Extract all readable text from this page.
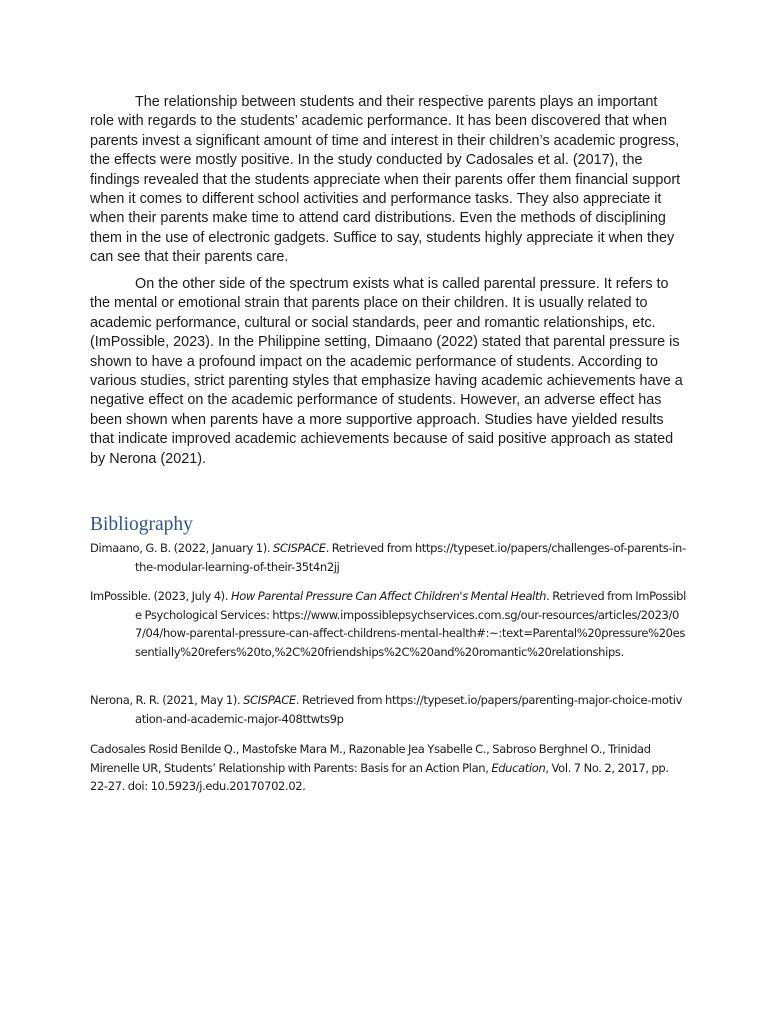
The relationship between students and their respective parents plays an important role with regards to the students’ academic performance. It has been discovered that when parents invest a significant amount of time and interest in their children’s academic progress, the effects were mostly positive. In the study conducted by Cadosales et al. (2017), the findings revealed that the students appreciate when their parents offer them financial support when it comes to different school activities and performance tasks. They also appreciate it when their parents make time to attend card distributions. Even the methods of disciplining them in the use of electronic gadgets. Suffice to say, students highly appreciate it when they can see that their parents care.

On the other side of the spectrum exists what is called parental pressure. It refers to the mental or emotional strain that parents place on their children. It is usually related to academic performance, cultural or social standards, peer and romantic relationships, etc. (ImPossible, 2023). In the Philippine setting, Dimaano (2022) stated that parental pressure is shown to have a profound impact on the academic performance of students. According to various studies, strict parenting styles that emphasize having academic achievements have a negative effect on the academic performance of students. However, an adverse effect has been shown when parents have a more supportive approach. Studies have yielded results that indicate improved academic achievements because of said positive approach as stated by Nerona (2021).

Bibliography

Dimaano, G. B. (2022, January 1). SCISPACE. Retrieved from https://typeset.io/papers/challenges-of-parents-in-the-modular-learning-of-their-35t4n2jj

ImPossible. (2023, July 4). How Parental Pressure Can Affect Children's Mental Health. Retrieved from ImPossible Psychological Services: https://www.impossiblepsychservices.com.sg/our-resources/articles/2023/07/04/how-parental-pressure-can-affect-childrens-mental-health#:~:text=Parental%20pressure%20essentially%20refers%20to,%2C%20friendships%2C%20and%20romantic%20relationships.

Nerona, R. R. (2021, May 1). SCISPACE. Retrieved from https://typeset.io/papers/parenting-major-choice-motivation-and-academic-major-408ttwts9p

Cadosales Rosid Benilde Q., Mastofske Mara M., Razonable Jea Ysabelle C., Sabroso Berghnel O., Trinidad Mirenelle UR, Students’ Relationship with Parents: Basis for an Action Plan, Education, Vol. 7 No. 2, 2017, pp. 22-27. doi: 10.5923/j.edu.20170702.02.
